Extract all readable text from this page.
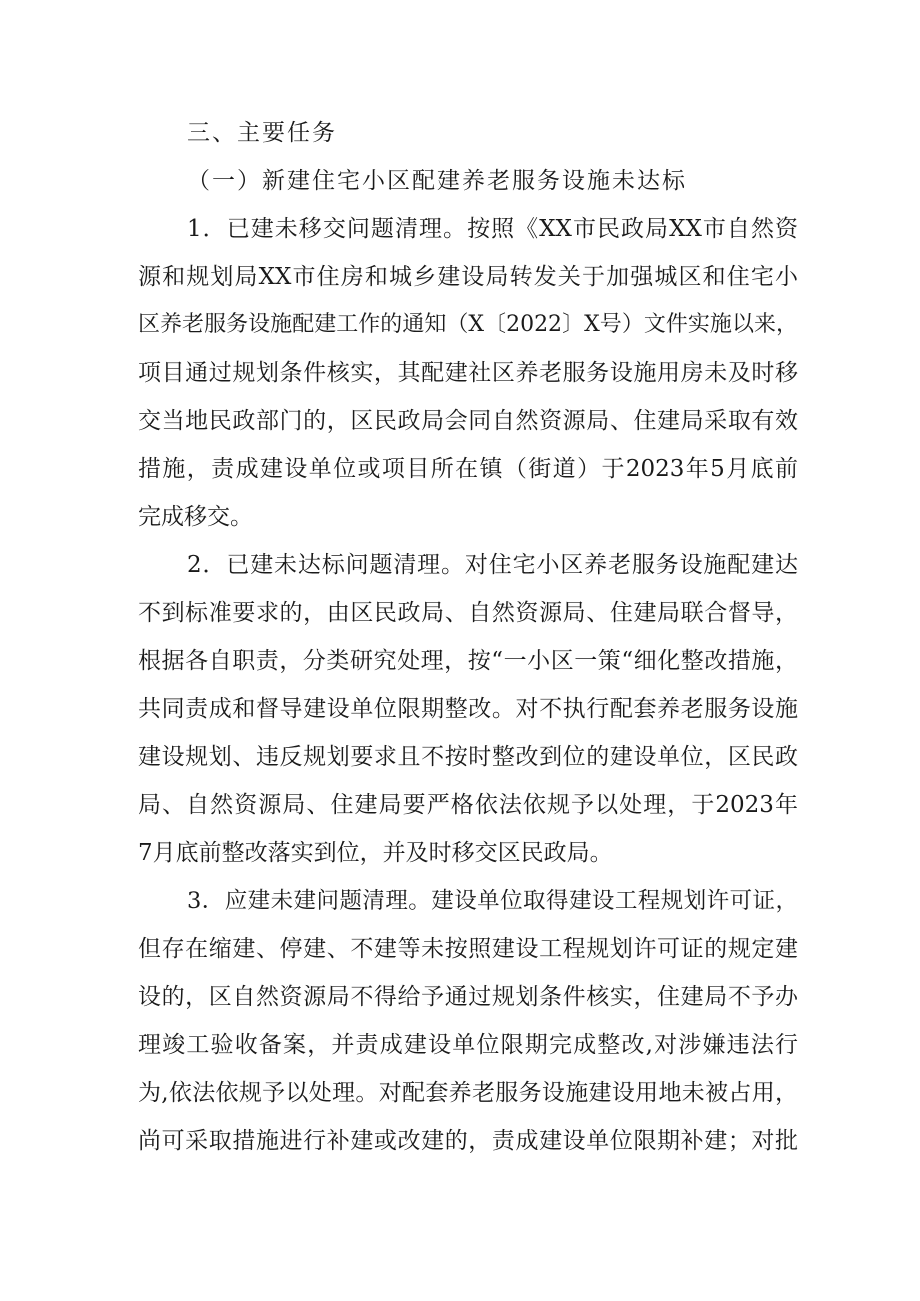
三、主要任务
（一）新建住宅小区配建养老服务设施未达标
1．已建未移交问题清理。按照《XX市民政局XX市自然资
源和规划局XX市住房和城乡建设局转发关于加强城区和住宅小
区养老服务设施配建工作的通知（X〔2022〕X号）文件实施以来，
项目通过规划条件核实，其配建社区养老服务设施用房未及时移
交当地民政部门的，区民政局会同自然资源局、住建局采取有效
措施，责成建设单位或项目所在镇（街道）于2023年5月底前
完成移交。
2．已建未达标问题清理。对住宅小区养老服务设施配建达
不到标准要求的，由区民政局、自然资源局、住建局联合督导，
根据各自职责，分类研究处理，按“一小区一策“细化整改措施，
共同责成和督导建设单位限期整改。对不执行配套养老服务设施
建设规划、违反规划要求且不按时整改到位的建设单位，区民政
局、自然资源局、住建局要严格依法依规予以处理，于2023年
7月底前整改落实到位，并及时移交区民政局。
3．应建未建问题清理。建设单位取得建设工程规划许可证，
但存在缩建、停建、不建等未按照建设工程规划许可证的规定建
设的，区自然资源局不得给予通过规划条件核实，住建局不予办
理竣工验收备案，并责成建设单位限期完成整改,对涉嫌违法行
为,依法依规予以处理。对配套养老服务设施建设用地未被占用，
尚可采取措施进行补建或改建的，责成建设单位限期补建；对批
